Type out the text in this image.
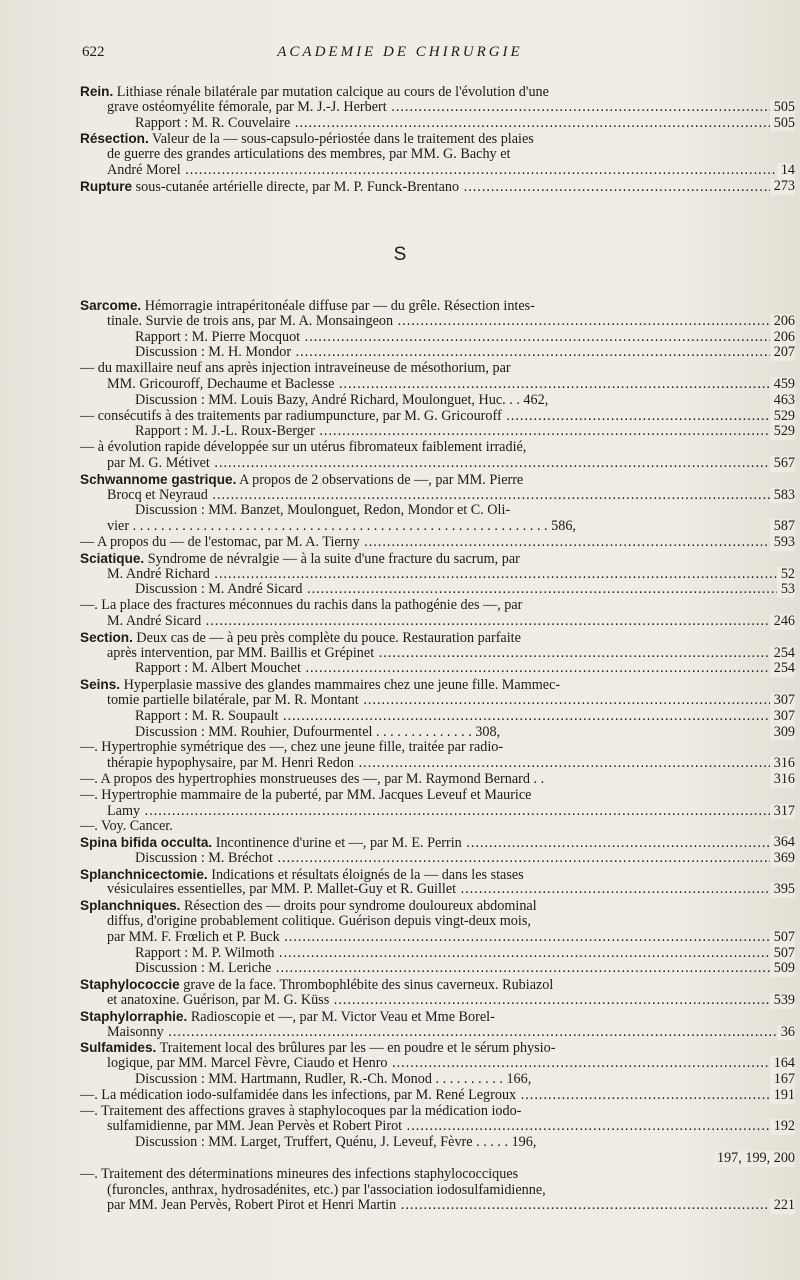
622	ACADEMIE DE CHIRURGIE
Rein. Lithiase rénale bilatérale par mutation calcique au cours de l'évolution d'une
grave ostéomyélite fémorale, par M. J.-J. Herbert .....	505
Rapport : M. R. Couvelaire .....	505
Résection. Valeur de la — sous-capsulo-périostée dans le traitement des plaies
de guerre des grandes articulations des membres, par MM. G. Bachy et
André Morel .....	14
Rupture sous-cutanée artérielle directe, par M. P. Funck-Brentano .....	273
S
Sarcome. Hémorragie intrapéritonéale diffuse par — du grêle. Résection intes-
tinale. Survie de trois ans, par M. A. Monsaingeon .....	206
Rapport : M. Pierre Mocquot .....	206
Discussion : M. H. Mondor .....	207
— du maxillaire neuf ans après injection intraveineuse de mésothorium, par
MM. Gricouroff, Dechaume et Baclesse .....	459
Discussion : MM. Louis Bazy, André Richard, Moulonguet, Huc. . . 462,	463
— consécutifs à des traitements par radiumpuncture, par M. G. Gricouroff .....	529
Rapport : M. J.-L. Roux-Berger .....	529
— à évolution rapide développée sur un utérus fibromateux faiblement irradié,
par M. G. Métivet .....	567
Schwannome gastrique. A propos de 2 observations de —, par MM. Pierre
Brocq et Neyraud .....	583
Discussion : MM. Banzet, Moulonguet, Redon, Mondor et C. Oli-
vier . . . . . . . . . . . . . . . . . . . . . . . . . . . . . . . . . . . . . . . . . . . . . . . . . . . . . . . . . . . 586,	587
— A propos du — de l'estomac, par M. A. Tierny .....	593
Sciatique. Syndrome de névralgie — à la suite d'une fracture du sacrum, par
M. André Richard .....	52
Discussion : M. André Sicard .....	53
—. La place des fractures méconnues du rachis dans la pathogénie des —, par
M. André Sicard .....	246
Section. Deux cas de — à peu près complète du pouce. Restauration parfaite
après intervention, par MM. Baillis et Grépinet .....	254
Rapport : M. Albert Mouchet .....	254
Seins. Hyperplasie massive des glandes mammaires chez une jeune fille. Mammec-
tomie partielle bilatérale, par M. R. Montant .....	307
Rapport : M. R. Soupault .....	307
Discussion : MM. Rouhier, Dufourmentel . . . . . . . . . . . . . . 308,	309
—. Hypertrophie symétrique des —, chez une jeune fille, traitée par radio-
thérapie hypophysaire, par M. Henri Redon .....	316
—. A propos des hypertrophies monstrueuses des —, par M. Raymond Bernard . .	316
—. Hypertrophie mammaire de la puberté, par MM. Jacques Leveuf et Maurice
Lamy .....	317
—. Voy. Cancer.
Spina bifida occulta. Incontinence d'urine et —, par M. E. Perrin .....	364
Discussion : M. Bréchot .....	369
Splanchnicectomie. Indications et résultats éloignés de la — dans les stases
vésiculaires essentielles, par MM. P. Mallet-Guy et R. Guillet .....	395
Splanchniques. Résection des — droits pour syndrome douloureux abdominal
diffus, d'origine probablement colitique. Guérison depuis vingt-deux mois,
par MM. F. Frœlich et P. Buck .....	507
Rapport : M. P. Wilmoth .....	507
Discussion : M. Leriche .....	509
Staphylococcie grave de la face. Thrombophlébite des sinus caverneux. Rubiazol
et anatoxine. Guérison, par M. G. Küss .....	539
Staphylorraphie. Radioscopie et —, par M. Victor Veau et Mme Borel-
Maisonny .....	36
Sulfamides. Traitement local des brûlures par les — en poudre et le sérum physio-
logique, par MM. Marcel Fèvre, Ciaudo et Henro .....	164
Discussion : MM. Hartmann, Rudler, R.-Ch. Monod . . . . . . . . . . 166,	167
—. La médication iodo-sulfamidée dans les infections, par M. René Legroux .....	191
—. Traitement des affections graves à staphylocoques par la médication iodo-
sulfamidienne, par MM. Jean Pervès et Robert Pirot .....	192
Discussion : MM. Larget, Truffert, Quénu, J. Leveuf, Fèvre . . . . . 196,
197, 199, 200
—. Traitement des déterminations mineures des infections staphylococciques
(furoncles, anthrax, hydrosadénites, etc.) par l'association iodosulfamidienne,
par MM. Jean Pervès, Robert Pirot et Henri Martin .....	221
